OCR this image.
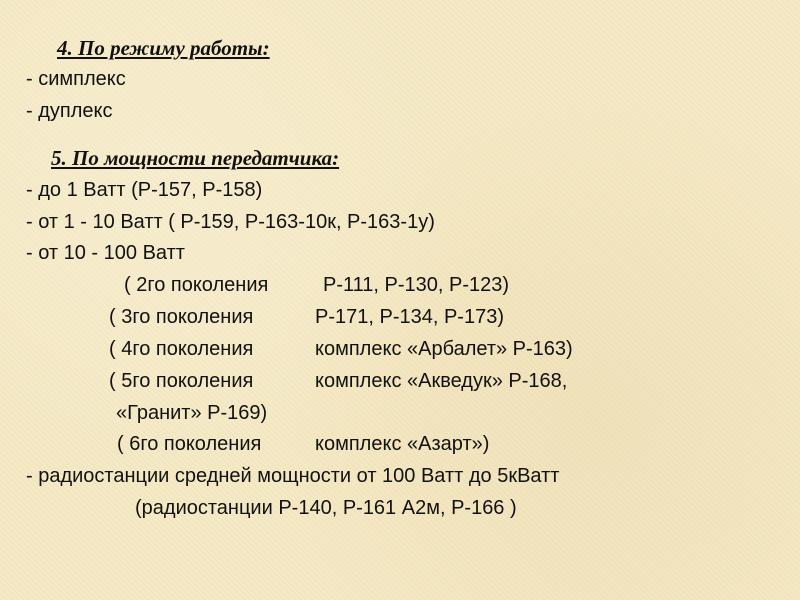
4. По режиму работы:
- симплекс
- дуплекс
5. По мощности передатчика:
- до 1 Ватт (Р-157, Р-158)
- от 1 - 10 Ватт ( Р-159, Р-163-10к, Р-163-1у)
- от 10 - 100 Ватт
( 2го поколения	Р-111, Р-130, Р-123)
( 3го поколения	Р-171, Р-134, Р-173)
( 4го поколения	комплекс «Арбалет» Р-163)
( 5го поколения	комплекс «Акведук» Р-168,
«Гранит» Р-169)
( 6го поколения	комплекс «Азарт»)
- радиостанции средней мощности от 100 Ватт до 5кВатт
(радиостанции Р-140, Р-161 А2м, Р-166 )
